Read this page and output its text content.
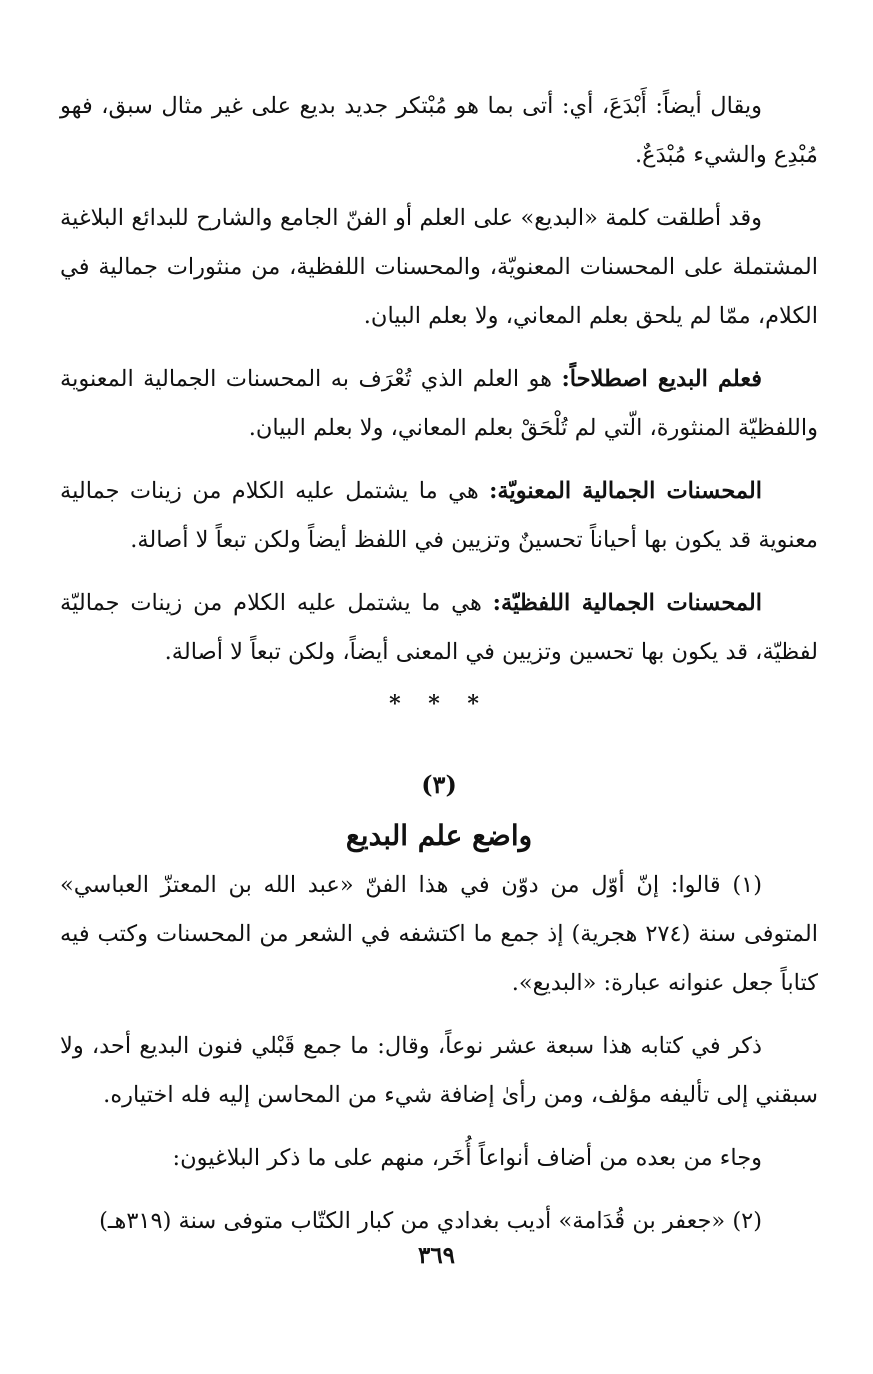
ويقال أيضاً: أَبْدَعَ، أي: أتى بما هو مُبْتكر جديد بديع على غير مثال سبق، فهو مُبْدِع والشيء مُبْدَعٌ.

وقد أطلقت كلمة «البديع» على العلم أو الفنّ الجامع والشارح للبدائع البلاغية المشتملة على المحسنات المعنويّة، والمحسنات اللفظية، من منثورات جمالية في الكلام، ممّا لم يلحق بعلم المعاني، ولا بعلم البيان.

فعلم البديع اصطلاحاً: هو العلم الذي تُعْرَف به المحسنات الجمالية المعنوية واللفظيّة المنثورة، الّتي لم تُلْحَقْ بعلم المعاني، ولا بعلم البيان.

المحسنات الجمالية المعنويّة: هي ما يشتمل عليه الكلام من زينات جمالية معنوية قد يكون بها أحياناً تحسينٌ وتزيين في اللفظ أيضاً ولكن تبعاً لا أصالة.

المحسنات الجمالية اللفظيّة: هي ما يشتمل عليه الكلام من زينات جماليّة لفظيّة، قد يكون بها تحسين وتزيين في المعنى أيضاً، ولكن تبعاً لا أصالة.

* * *
(٣)
واضع علم البديع

(١) قالوا: إنّ أوّل من دوّن في هذا الفنّ «عبد الله بن المعتزّ العباسي» المتوفى سنة (٢٧٤ هجرية) إذ جمع ما اكتشفه في الشعر من المحسنات وكتب فيه كتاباً جعل عنوانه عبارة: «البديع».

ذكر في كتابه هذا سبعة عشر نوعاً، وقال: ما جمع قَبْلي فنون البديع أحد، ولا سبقني إلى تأليفه مؤلف، ومن رأىٰ إضافة شيء من المحاسن إليه فله اختياره.

وجاء من بعده من أضاف أنواعاً أُخَر، منهم على ما ذكر البلاغيون:

(٢) «جعفر بن قُدَامة» أديب بغدادي من كبار الكتّاب متوفى سنة (٣١٩هـ)

٣٦٩
